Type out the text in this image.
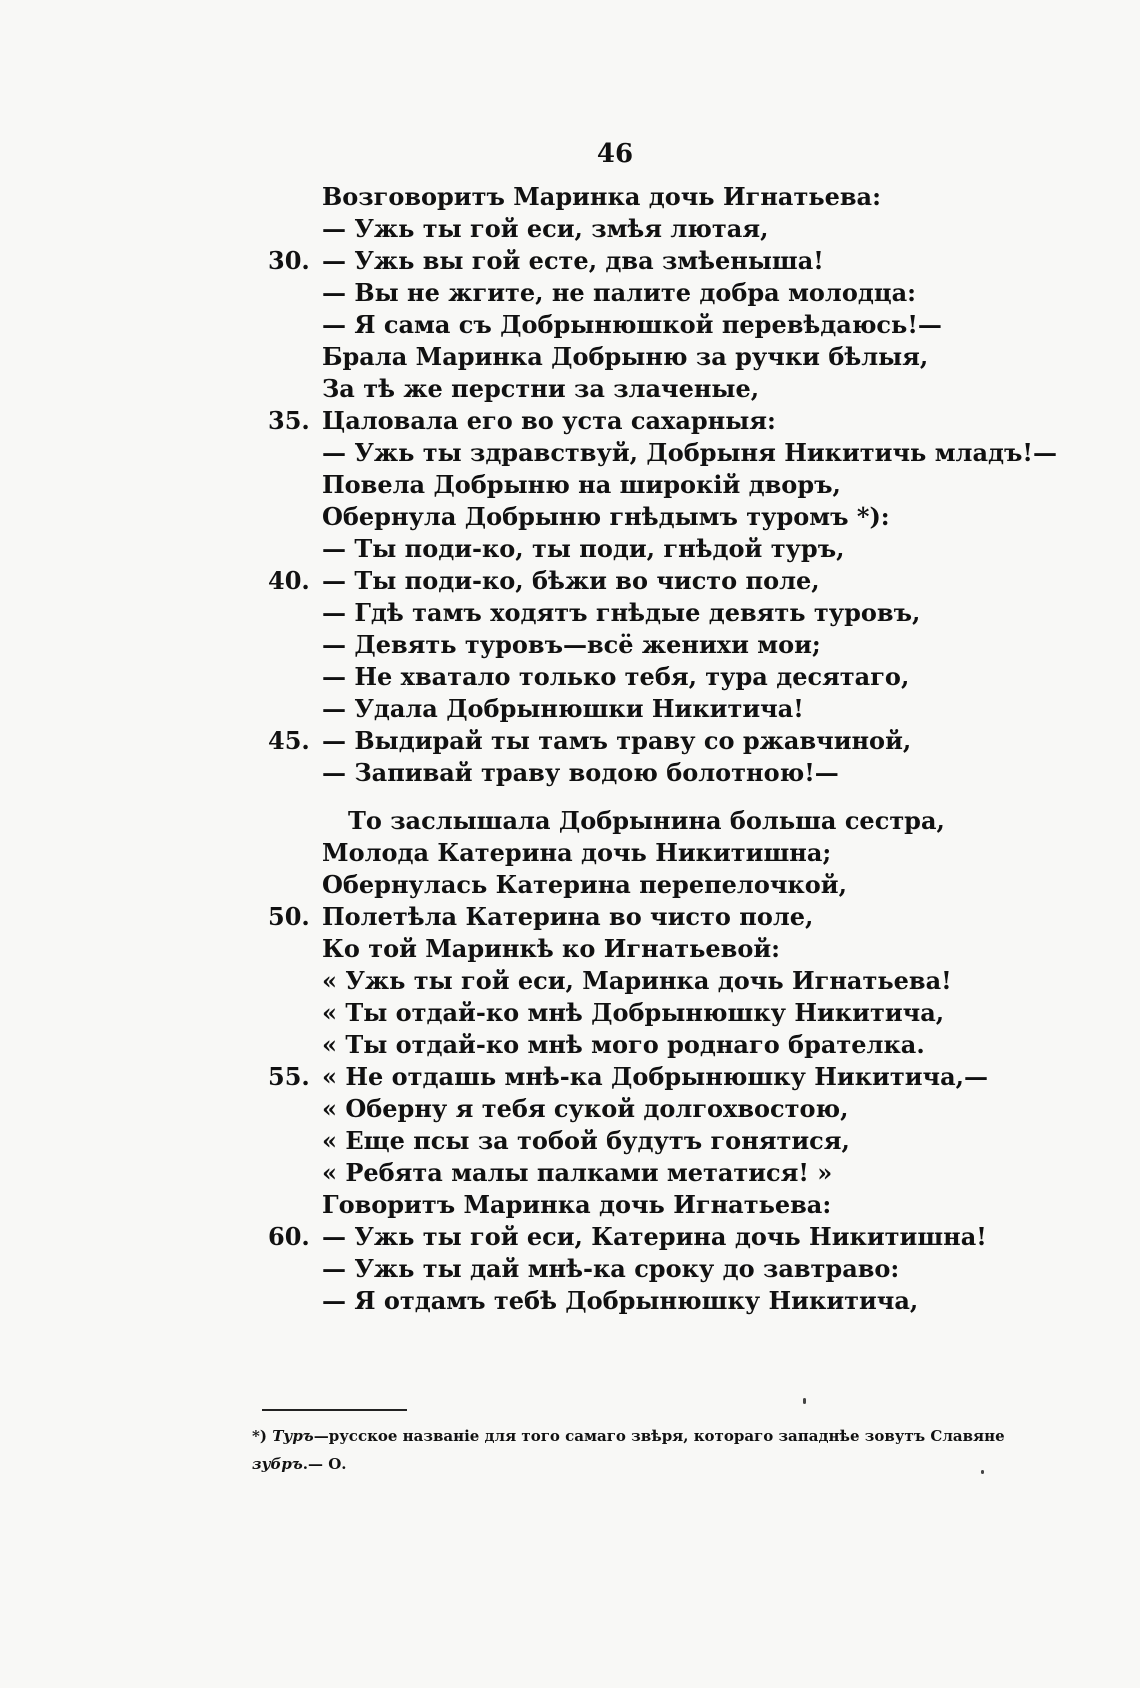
46
Возговоритъ Маринка дочь Игнатьева:
— Ужь ты гой еси, змѣя лютая,
30. — Ужь вы гой есте, два змѣеныша!
— Вы не жгите, не палите добра молодца:
— Я сама съ Добрынюшкой перевѣдаюсь!—
Брала Маринка Добрыню за ручки бѣлыя,
За тѣ же перстни за злаченые,
35. Цаловала его во уста сахарныя:
— Ужь ты здравствуй, Добрыня Никитичь младъ!—
Повела Добрыню на широкій дворъ,
Обернула Добрыню гнѣдымъ туромъ *):
— Ты поди-ко, ты поди, гнѣдой туръ,
40. — Ты поди-ко, бѣжи во чисто поле,
— Гдѣ тамъ ходятъ гнѣдые девять туровъ,
— Девять туровъ—всё женихи мои;
— Не хватало только тебя, тура десятаго,
— Удала Добрынюшки Никитича!
45. — Выдирай ты тамъ траву со ржавчиной,
— Запивай траву водою болотною!—
То заслышала Добрынина больша сестра,
Молода Катерина дочь Никитишна;
Обернулась Катерина перепелочкой,
50. Полетѣла Катерина во чисто поле,
Ко той Маринкѣ ко Игнатьевой:
« Ужь ты гой еси, Маринка дочь Игнатьева!
« Ты отдай-ко мнѣ Добрынюшку Никитича,
« Ты отдай-ко мнѣ мого роднаго брателка.
55. « Не отдашь мнѣ-ка Добрынюшку Никитича,—
« Оберну я тебя сукой долгохвостою,
« Еще псы за тобой будутъ гонятися,
« Ребята малы палками метатися! »
Говоритъ Маринка дочь Игнатьева:
60. — Ужь ты гой еси, Катерина дочь Никитишна!
— Ужь ты дай мнѣ-ка сроку до завтраво:
— Я отдамъ тебѣ Добрынюшку Никитича,
*) Туръ—русское названіе для того самаго звѣря, котораго западнѣе зовутъ Славяне зубръ.— О.
